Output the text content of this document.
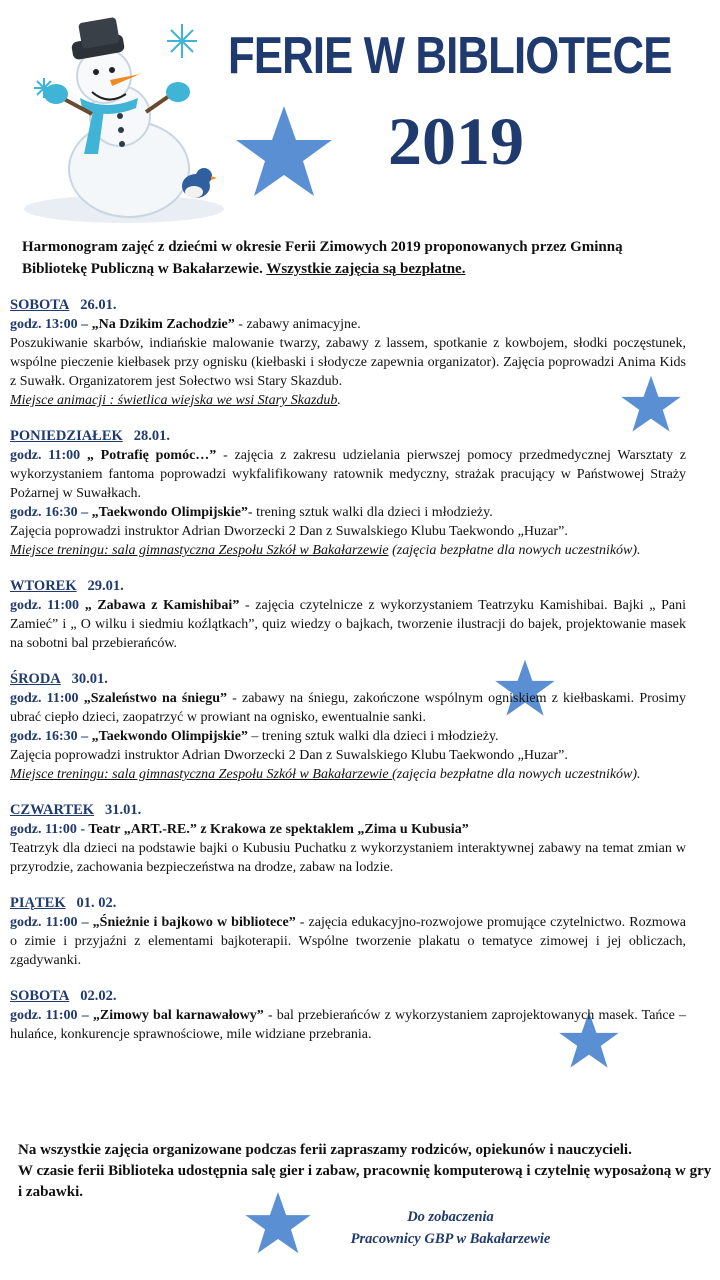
FERIE W BIBLIOTECE
2019
Harmonogram zajęć z dziećmi w okresie Ferii Zimowych 2019 proponowanych przez Gminną Bibliotekę Publiczną w Bakałarzewie. Wszystkie zajęcia są bezpłatne.
SOBOTA 26.01.
godz. 13:00 – „Na Dzikim Zachodzie” - zabawy animacyjne.
Poszukiwanie skarbów, indiańskie malowanie twarzy, zabawy z lassem, spotkanie z kowbojem, słodki poczęstunek, wspólne pieczenie kiełbasek przy ognisku (kiełbaski i słodycze zapewnia organizator). Zajęcia poprowadzi Anima Kids z Suwałk. Organizatorem jest Sołectwo wsi Stary Skazdub.
Miejsce animacji : świetlica wiejska we wsi Stary Skazdub.
PONIEDZIAŁEK 28.01.
godz. 11:00 „ Potrafię pomóc…” - zajęcia z zakresu udzielania pierwszej pomocy przedmedycznej Warsztaty z wykorzystaniem fantoma poprowadzi wykfalifikowany ratownik medyczny, strażak pracujący w Państwowej Straży Pożarnej w Suwałkach.
godz. 16:30 – „Taekwondo Olimpijskie”- trening sztuk walki dla dzieci i młodzieży.
Zajęcia poprowadzi instruktor Adrian Dworzecki 2 Dan z Suwalskiego Klubu Taekwondo „Huzar”.
Miejsce treningu: sala gimnastyczna Zespołu Szkół w Bakałarzewie (zajęcia bezpłatne dla nowych uczestników).
WTOREK 29.01.
godz. 11:00 „ Zabawa z Kamishibai” - zajęcia czytelnicze z wykorzystaniem Teatrzyku Kamishibai. Bajki „ Pani Zamieć” i „ O wilku i siedmiu koźlątkach”, quiz wiedzy o bajkach, tworzenie ilustracji do bajek, projektowanie masek na sobotni bal przebierańców.
ŚRODA 30.01.
godz. 11:00 „Szaleństwo na śniegu” - zabawy na śniegu, zakończone wspólnym ogniskiem z kiełbaskami. Prosimy ubrać ciepło dzieci, zaopatrzyć w prowiant na ognisko, ewentualnie sanki.
godz. 16:30 – „Taekwondo Olimpijskie” – trening sztuk walki dla dzieci i młodzieży.
Zajęcia poprowadzi instruktor Adrian Dworzecki 2 Dan z Suwalskiego Klubu Taekwondo „Huzar”.
Miejsce treningu: sala gimnastyczna Zespołu Szkół w Bakałarzewie (zajęcia bezpłatne dla nowych uczestników).
CZWARTEK 31.01.
godz. 11:00 - Teatr „ART.-RE.” z Krakowa ze spektaklem „Zima u Kubusia”
Teatrzyk dla dzieci na podstawie bajki o Kubusiu Puchatku z wykorzystaniem interaktywnej zabawy na temat zmian w przyrodzie, zachowania bezpieczeństwa na drodze, zabaw na lodzie.
PIĄTEK 01. 02.
godz. 11:00 – „Śnieżnie i bajkowo w bibliotece” - zajęcia edukacyjno-rozwojowe promujące czytelnictwo. Rozmowa o zimie i przyjaźni z elementami bajkoterapii. Wspólne tworzenie plakatu o tematyce zimowej i jej obliczach, zgadywanki.
SOBOTA 02.02.
godz. 11:00 – „Zimowy bal karnawałowy” - bal przebierańców z wykorzystaniem zaprojektowanych masek. Tańce – hulańce, konkurencje sprawnościowe, mile widziane przebrania.
Na wszystkie zajęcia organizowane podczas ferii zapraszamy rodziców, opiekunów i nauczycieli.
W czasie ferii Biblioteka udostępnia salę gier i zabaw, pracownię komputerową i czytelnię wyposażoną w gry i zabawki.
Do zobaczenia
Pracownicy GBP w Bakałarzewie
